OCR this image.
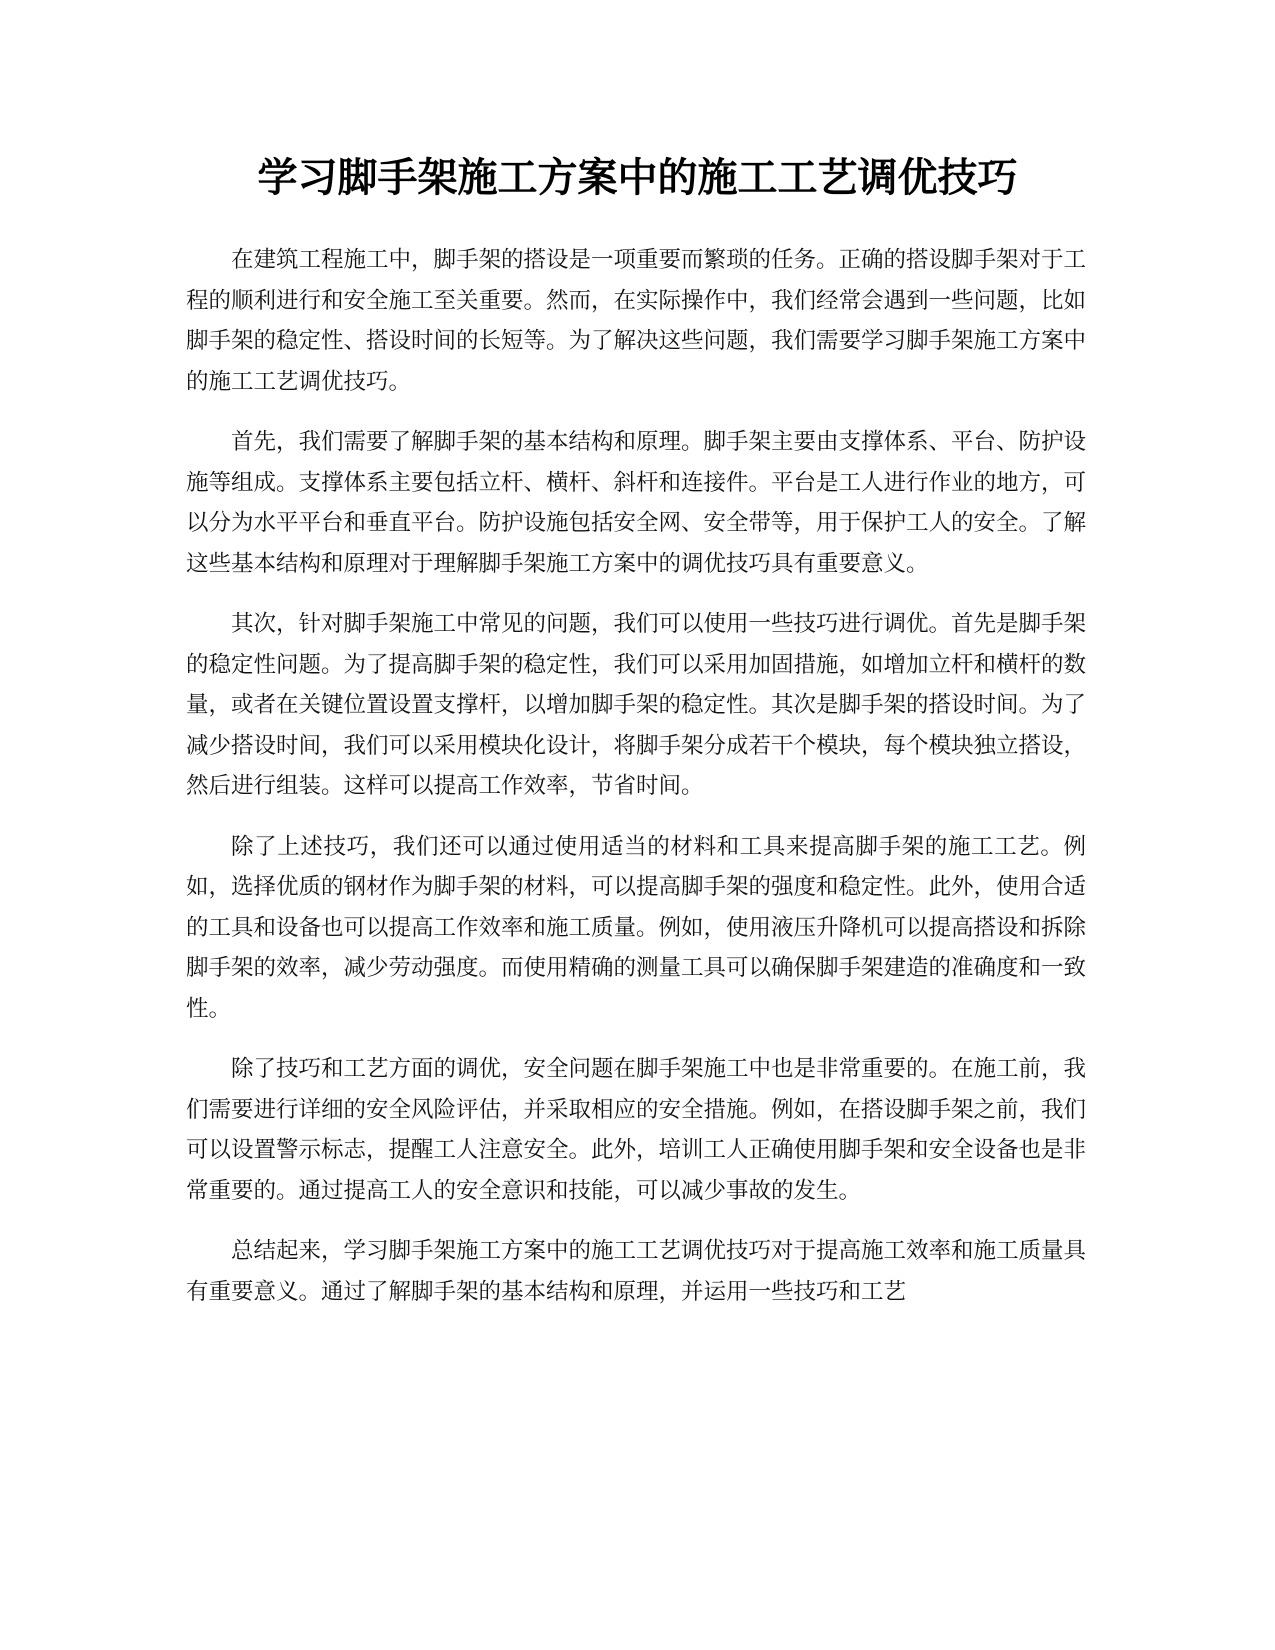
学习脚手架施工方案中的施工工艺调优技巧

在建筑工程施工中，脚手架的搭设是一项重要而繁琐的任务。正确的搭设脚手架对于工程的顺利进行和安全施工至关重要。然而，在实际操作中，我们经常会遇到一些问题，比如脚手架的稳定性、搭设时间的长短等。为了解决这些问题，我们需要学习脚手架施工方案中的施工工艺调优技巧。

首先，我们需要了解脚手架的基本结构和原理。脚手架主要由支撑体系、平台、防护设施等组成。支撑体系主要包括立杆、横杆、斜杆和连接件。平台是工人进行作业的地方，可以分为水平平台和垂直平台。防护设施包括安全网、安全带等，用于保护工人的安全。了解这些基本结构和原理对于理解脚手架施工方案中的调优技巧具有重要意义。

其次，针对脚手架施工中常见的问题，我们可以使用一些技巧进行调优。首先是脚手架的稳定性问题。为了提高脚手架的稳定性，我们可以采用加固措施，如增加立杆和横杆的数量，或者在关键位置设置支撑杆，以增加脚手架的稳定性。其次是脚手架的搭设时间。为了减少搭设时间，我们可以采用模块化设计，将脚手架分成若干个模块，每个模块独立搭设，然后进行组装。这样可以提高工作效率，节省时间。

除了上述技巧，我们还可以通过使用适当的材料和工具来提高脚手架的施工工艺。例如，选择优质的钢材作为脚手架的材料，可以提高脚手架的强度和稳定性。此外，使用合适的工具和设备也可以提高工作效率和施工质量。例如，使用液压升降机可以提高搭设和拆除脚手架的效率，减少劳动强度。而使用精确的测量工具可以确保脚手架建造的准确度和一致性。

除了技巧和工艺方面的调优，安全问题在脚手架施工中也是非常重要的。在施工前，我们需要进行详细的安全风险评估，并采取相应的安全措施。例如，在搭设脚手架之前，我们可以设置警示标志，提醒工人注意安全。此外，培训工人正确使用脚手架和安全设备也是非常重要的。通过提高工人的安全意识和技能，可以减少事故的发生。

总结起来，学习脚手架施工方案中的施工工艺调优技巧对于提高施工效率和施工质量具有重要意义。通过了解脚手架的基本结构和原理，并运用一些技巧和工艺
